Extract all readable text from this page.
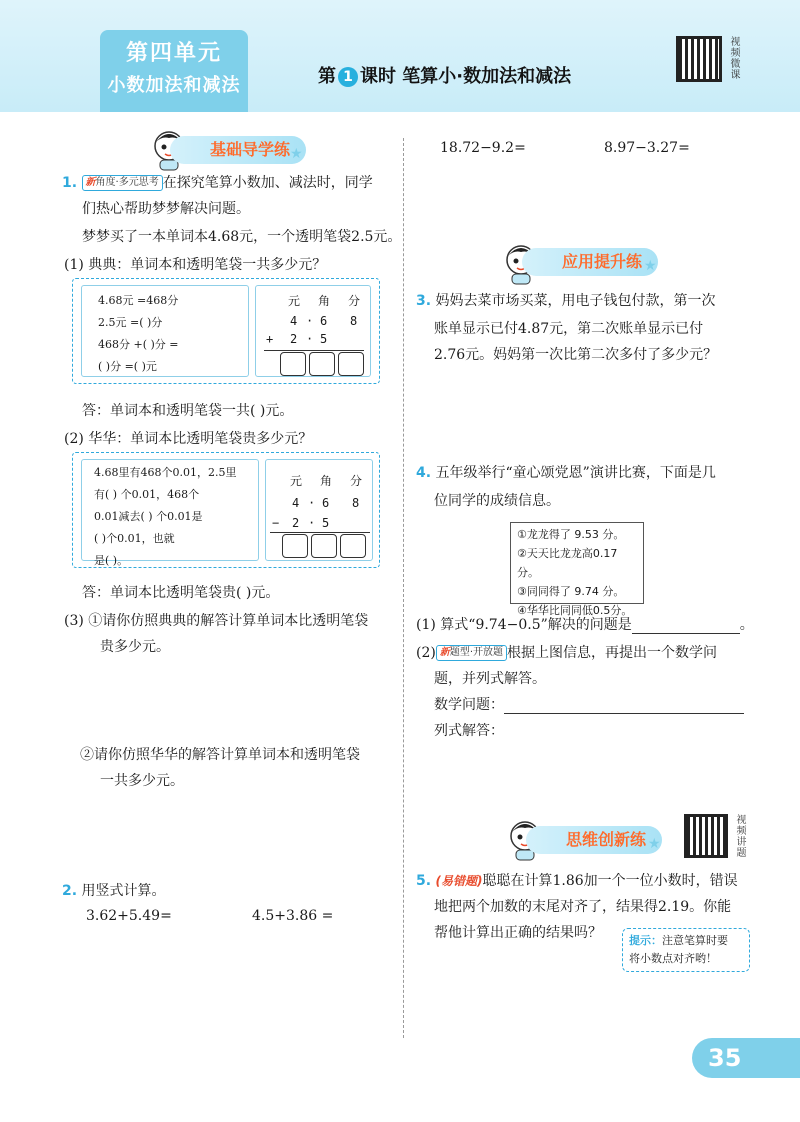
第四单元
小数加法和减法	第 1 课时 笔算小·数加法和减法	视频微课
基础导学练 ★
1. 新角度·多元思考 在探究笔算小数加、减法时，同学
们热心帮助梦梦解决问题。
梦梦买了一本单词本4.68元，一个透明笔袋2.5元。
(1) 典典：单词本和透明笔袋一共多少元？
4.68元 =468分
2.5元 =( )分
468分 +( )分 =
( )分 =( )元
元 角 分
4 · 6 8
+ 2 · 5
答：单词本和透明笔袋一共( )元。
(2) 华华：单词本比透明笔袋贵多少元？
4.68里有468个0.01，2.5里
有( ) 个0.01，468个
0.01减去( ) 个0.01是
( )个0.01，也就
是( )。
元 角 分
4 · 6 8
− 2 · 5
答：单词本比透明笔袋贵( )元。
(3) ①请你仿照典典的解答计算单词本比透明笔袋
贵多少元。
②请你仿照华华的解答计算单词本和透明笔袋
一共多少元。
2. 用竖式计算。
3.62+5.49=	4.5+3.86 =
18.72−9.2=	8.97−3.27=
应用提升练 ★
3. 妈妈去菜市场买菜，用电子钱包付款，第一次
账单显示已付4.87元，第二次账单显示已付
2.76元。妈妈第一次比第二次多付了多少元？
4. 五年级举行“童心颂党恩”演讲比赛，下面是几
位同学的成绩信息。
①龙龙得了 9.53 分。
②天天比龙龙高0.17分。
③同同得了 9.74 分。
④华华比同同低0.5分。
(1) 算式“9.74−0.5”解决的问题是	。
(2) 新题型·开放题 根据上图信息，再提出一个数学问
题，并列式解答。
数学问题：
列式解答：
思维创新练 ★	视频讲题
5. (易错题)聪聪在计算1.86加一个一位小数时，错误
地把两个加数的末尾对齐了，结果得2.19。你能
帮他计算出正确的结果吗？ 提示：注意笔算时要
将小数点对齐哟！
35
